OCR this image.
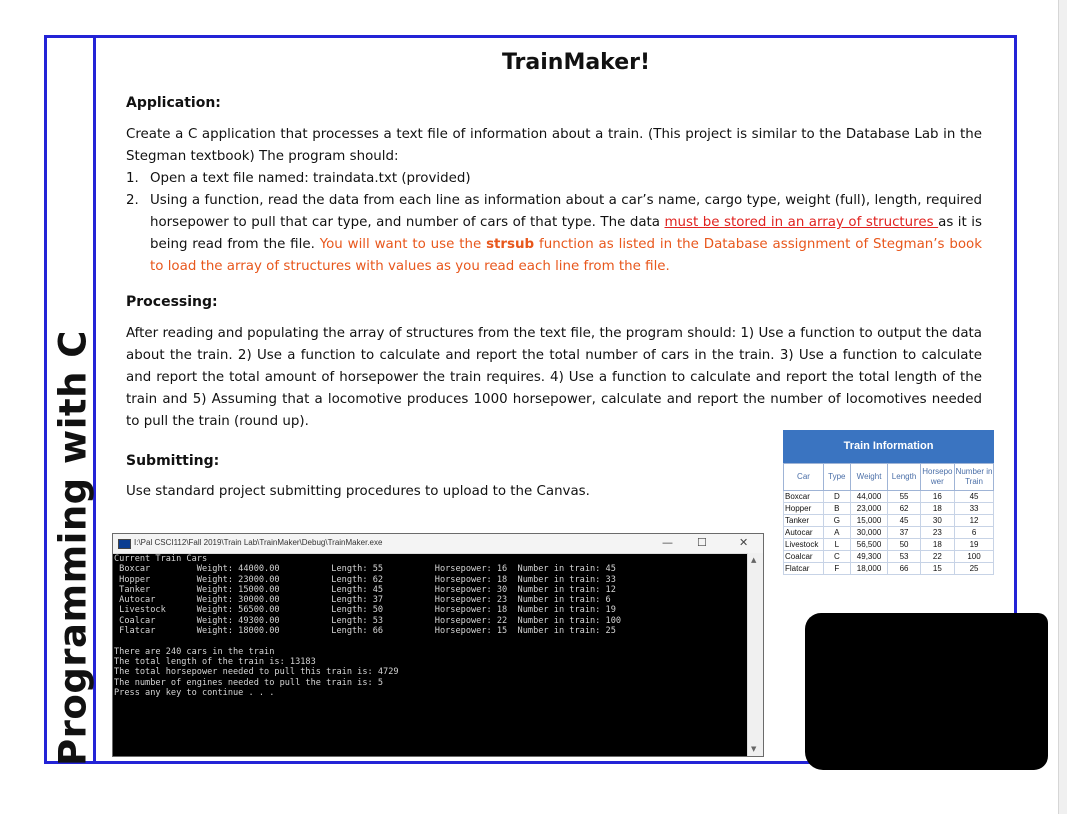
Programming with C
TrainMaker!
Application:
Create a C application that processes a text file of information about a train. (This project is similar to the Database Lab in the Stegman textbook) The program should:
1. Open a text file named: traindata.txt (provided)
2. Using a function, read the data from each line as information about a car’s name, cargo type, weight (full), length, required horsepower to pull that car type, and number of cars of that type. The data must be stored in an array of structures as it is being read from the file. You will want to use the strsub function as listed in the Database assignment of Stegman’s book to load the array of structures with values as you read each line from the file.
Processing:
After reading and populating the array of structures from the text file, the program should: 1) Use a function to output the data about the train. 2) Use a function to calculate and report the total number of cars in the train. 3) Use a function to calculate and report the total amount of horsepower the train requires. 4) Use a function to calculate and report the total length of the train and 5) Assuming that a locomotive produces 1000 horsepower, calculate and report the number of locomotives needed to pull the train (round up).
Submitting:
Use standard project submitting procedures to upload to the Canvas.
Train Information
Car	Type	Weight	Length	Horsepo wer	Number in Train
Boxcar	D	44,000	55	16	45
Hopper	B	23,000	62	18	33
Tanker	G	15,000	45	30	12
Autocar	A	30,000	37	23	6
Livestock	L	56,500	50	18	19
Coalcar	C	49,300	53	22	100
Flatcar	F	18,000	66	15	25
I:\Pal CSCI112\Fall 2019\Train Lab\TrainMaker\Debug\TrainMaker.exe	— ☐	✕
Current Train Cars
Boxcar         Weight: 44000.00          Length: 55          Horsepower: 16  Number in train: 45
Hopper         Weight: 23000.00          Length: 62          Horsepower: 18  Number in train: 33
Tanker         Weight: 15000.00          Length: 45          Horsepower: 30  Number in train: 12
Autocar        Weight: 30000.00          Length: 37          Horsepower: 23  Number in train: 6
Livestock      Weight: 56500.00          Length: 50          Horsepower: 18  Number in train: 19
Coalcar        Weight: 49300.00          Length: 53          Horsepower: 22  Number in train: 100
Flatcar        Weight: 18000.00          Length: 66          Horsepower: 15  Number in train: 25

There are 240 cars in the train
The total length of the train is: 13183
The total horsepower needed to pull this train is: 4729
The number of engines needed to pull the train is: 5
Press any key to continue . . .
▲
▼
